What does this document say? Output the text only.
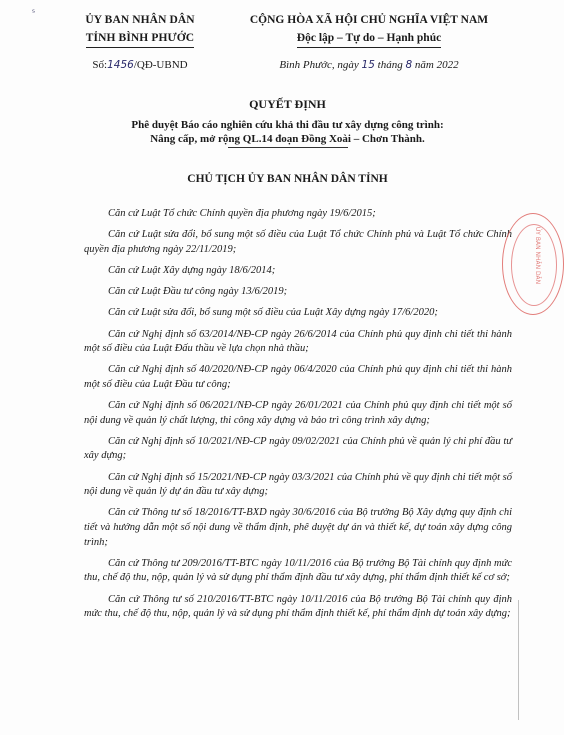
ˢ
ỦY BAN NHÂN DÂN
TỈNH BÌNH PHƯỚC
Số:1456/QĐ-UBND
CỘNG HÒA XÃ HỘI CHỦ NGHĨA VIỆT NAM
Độc lập – Tự do – Hạnh phúc
Bình Phước, ngày 15 tháng 8 năm 2022
QUYẾT ĐỊNH
Phê duyệt Báo cáo nghiên cứu khả thi đầu tư xây dựng công trình:
Nâng cấp, mở rộng QL.14 đoạn Đồng Xoài – Chơn Thành.
CHỦ TỊCH ỦY BAN NHÂN DÂN TỈNH

Căn cứ Luật Tổ chức Chính quyền địa phương ngày 19/6/2015;

Căn cứ Luật sửa đổi, bổ sung một số điều của Luật Tổ chức Chính phủ và Luật Tổ chức Chính quyền địa phương ngày 22/11/2019;

Căn cứ Luật Xây dựng ngày 18/6/2014;

Căn cứ Luật Đầu tư công ngày 13/6/2019;

Căn cứ Luật sửa đổi, bổ sung một số điều của Luật Xây dựng ngày 17/6/2020;

Căn cứ Nghị định số 63/2014/NĐ-CP ngày 26/6/2014 của Chính phủ quy định chi tiết thi hành một số điều của Luật Đấu thầu về lựa chọn nhà thầu;

Căn cứ Nghị định số 40/2020/NĐ-CP ngày 06/4/2020 của Chính phủ quy định chi tiết thi hành một số điều của Luật Đầu tư công;

Căn cứ Nghị định số 06/2021/NĐ-CP ngày 26/01/2021 của Chính phủ quy định chi tiết một số nội dung về quản lý chất lượng, thi công xây dựng và bảo trì công trình xây dựng;

Căn cứ Nghị định số 10/2021/NĐ-CP ngày 09/02/2021 của Chính phủ về quản lý chi phí đầu tư xây dựng;

Căn cứ Nghị định số 15/2021/NĐ-CP ngày 03/3/2021 của Chính phủ về quy định chi tiết một số nội dung về quản lý dự án đầu tư xây dựng;

Căn cứ Thông tư số 18/2016/TT-BXD ngày 30/6/2016 của Bộ trưởng Bộ Xây dựng quy định chi tiết và hướng dẫn một số nội dung về thẩm định, phê duyệt dự án và thiết kế, dự toán xây dựng công trình;

Căn cứ Thông tư 209/2016/TT-BTC ngày 10/11/2016 của Bộ trưởng Bộ Tài chính quy định mức thu, chế độ thu, nộp, quản lý và sử dụng phí thẩm định đầu tư xây dựng, phí thẩm định thiết kế cơ sở;

Căn cứ Thông tư số 210/2016/TT-BTC ngày 10/11/2016 của Bộ trưởng Bộ Tài chính quy định mức thu, chế độ thu, nộp, quản lý và sử dụng phí thẩm định thiết kế, phí thẩm định dự toán xây dựng;

ỦY BAN NHÂN DÂN
